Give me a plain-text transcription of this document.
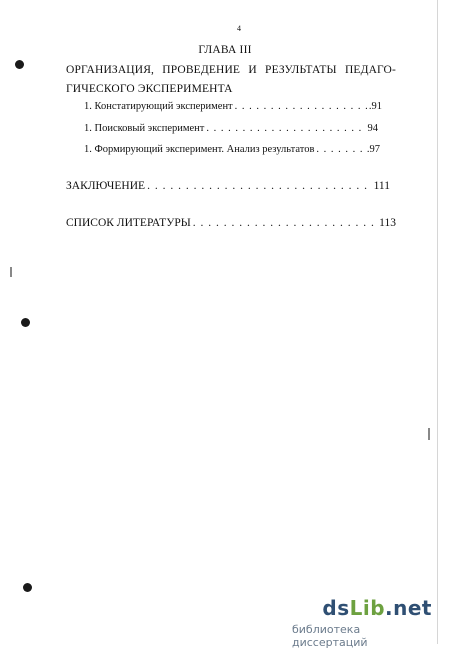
4
ГЛАВА III
ОРГАНИЗАЦИЯ, ПРОВЕДЕНИЕ И РЕЗУЛЬТАТЫ ПЕДАГО-
ГИЧЕСКОГО ЭКСПЕРИМЕНТА
1. Констатирующий эксперимент . . .	.91
1. Поисковый эксперимент . . .	94
1. Формирующий эксперимент. Анализ результатов . . .	.97
ЗАКЛЮЧЕНИЕ . . .	111
СПИСОК ЛИТЕРАТУРЫ . . .	113
dsLib.net
библиотека диссертаций
